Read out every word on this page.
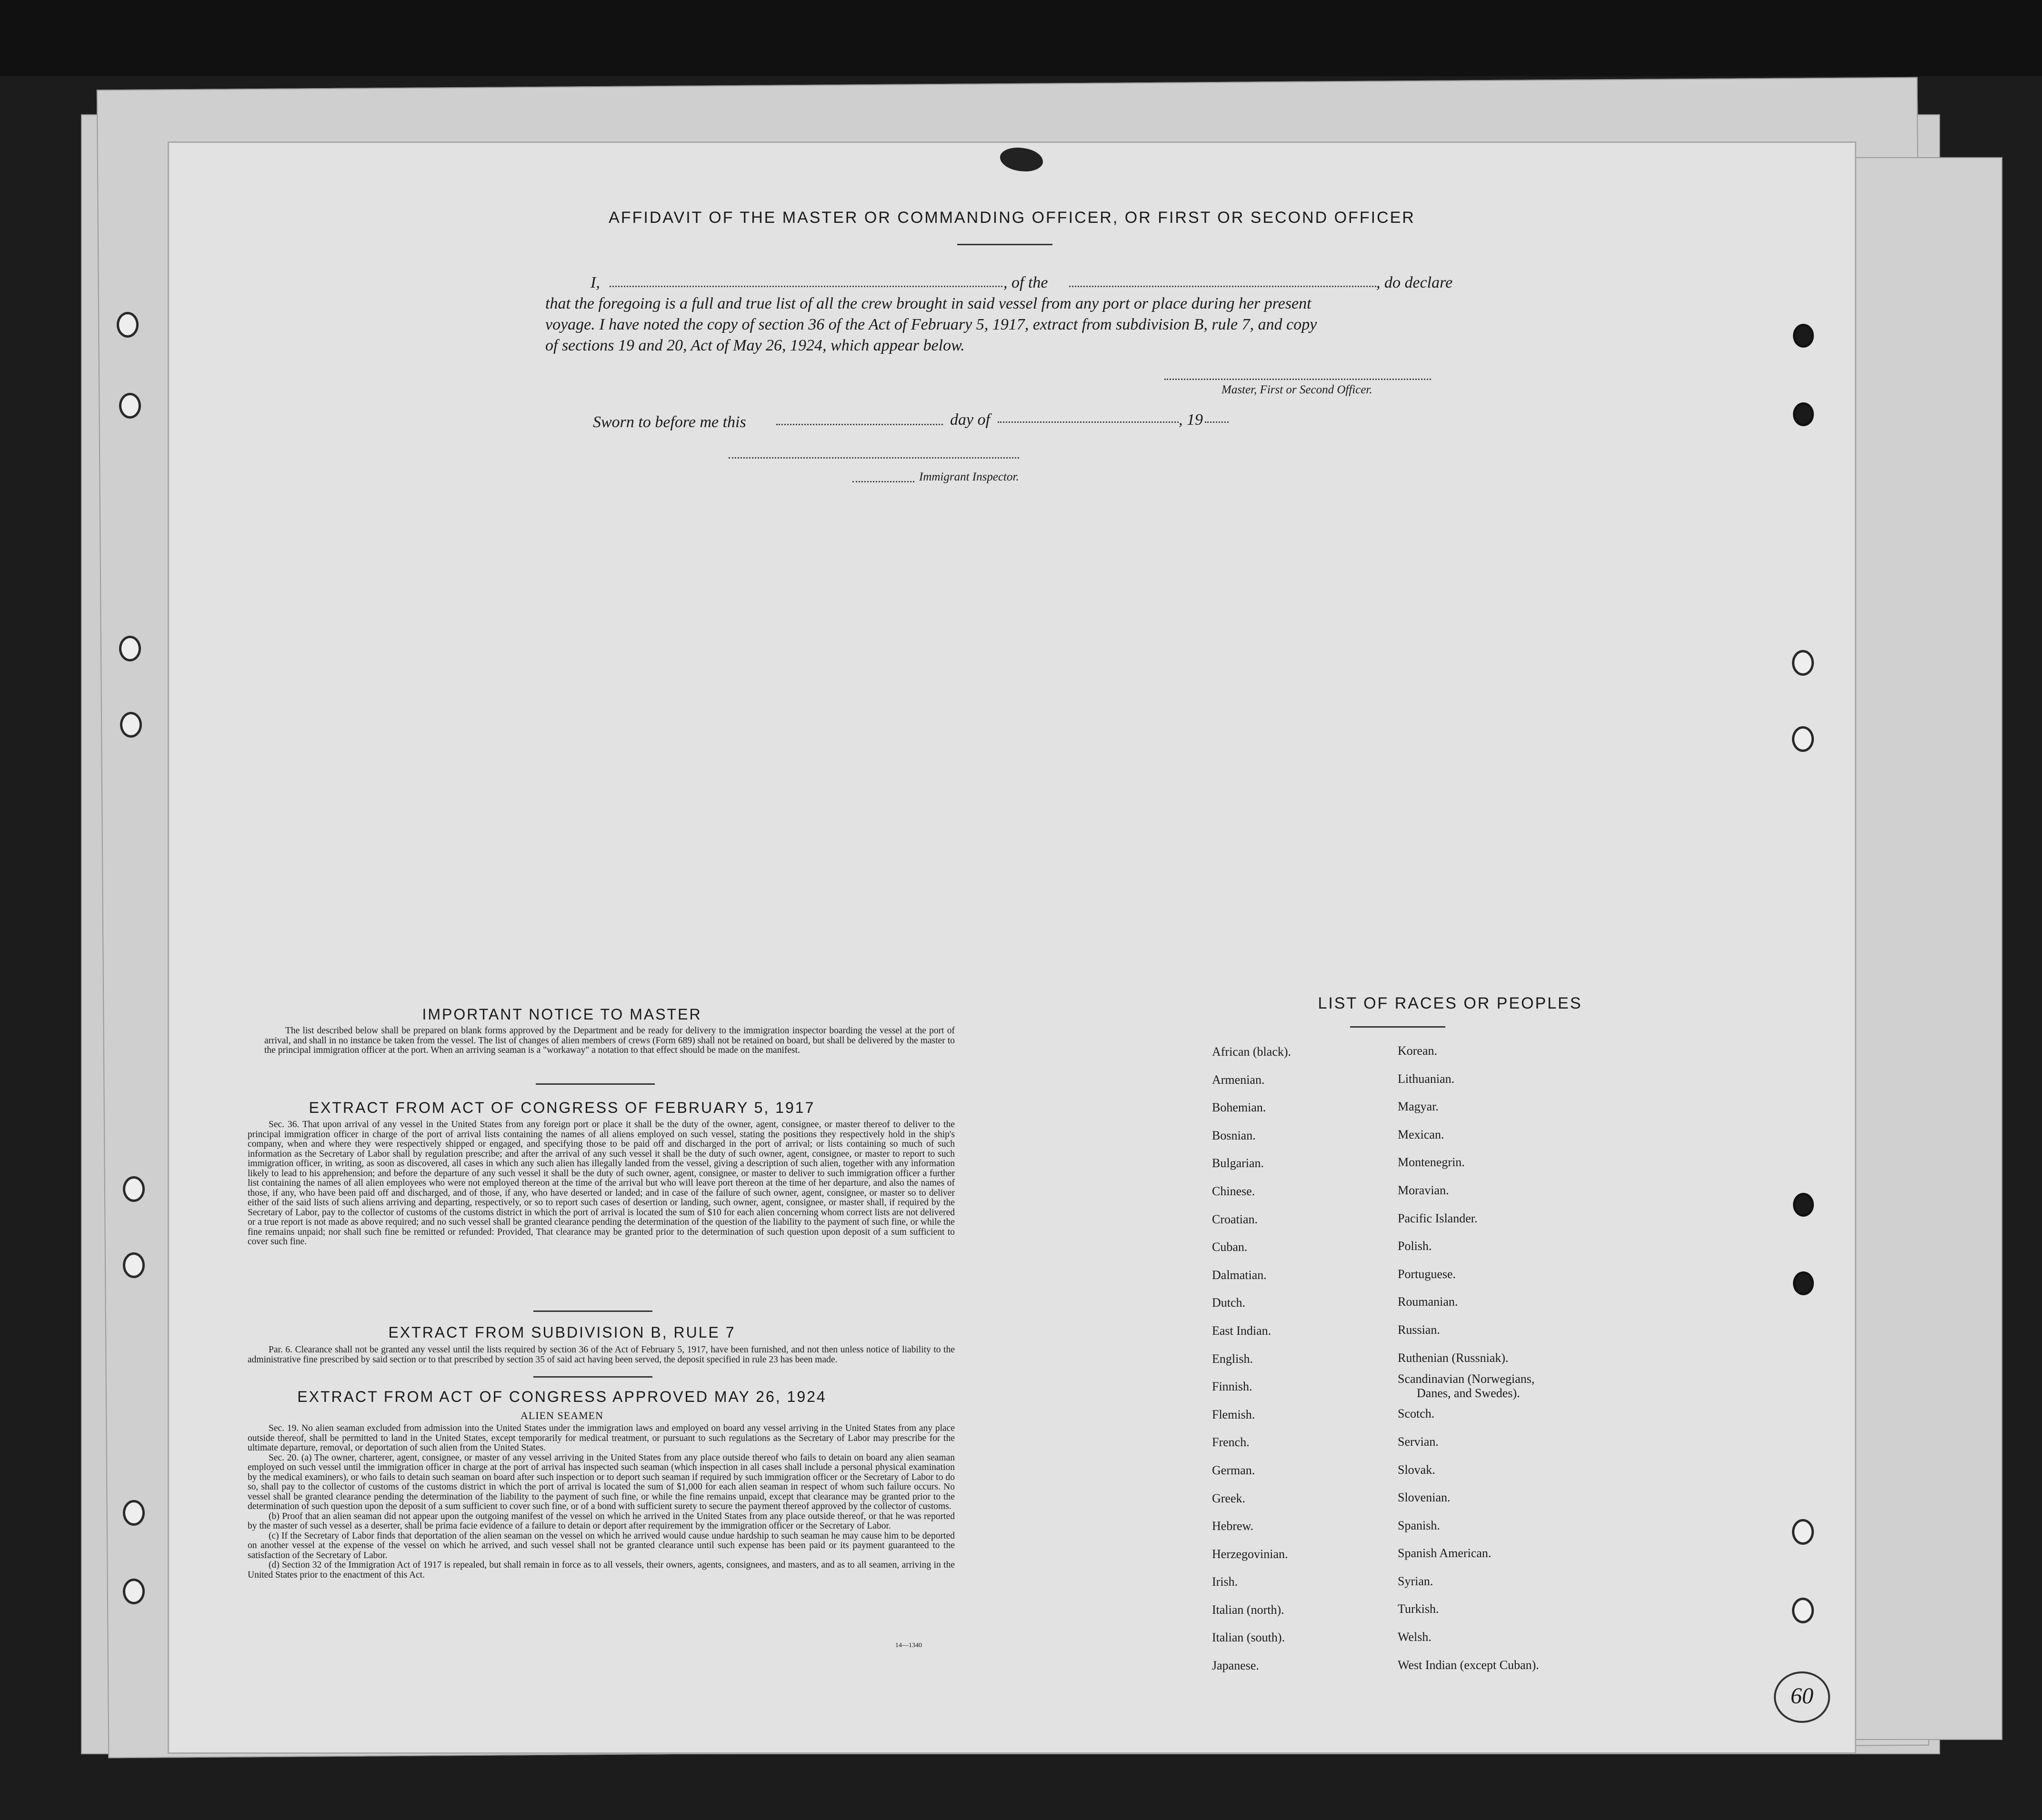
AFFIDAVIT OF THE MASTER OR COMMANDING OFFICER, OR FIRST OR SECOND OFFICER
I,	, of the	, do declare
that the foregoing is a full and true list of all the crew brought in said vessel from any port or place during her present
voyage. I have noted the copy of section 36 of the Act of February 5, 1917, extract from subdivision B, rule 7, and copy
of sections 19 and 20, Act of May 26, 1924, which appear below.
Master, First or Second Officer.
Sworn to before me this	day of	, 19
Immigrant Inspector.
IMPORTANT NOTICE TO MASTER

The list described below shall be prepared on blank forms approved by the Department and be ready for delivery to the immigration inspector boarding the vessel at the port of arrival, and shall in no instance be taken from the vessel. The list of changes of alien members of crews (Form 689) shall not be retained on board, but shall be delivered by the master to the principal immigration officer at the port. When an arriving seaman is a "workaway" a notation to that effect should be made on the manifest.

EXTRACT FROM ACT OF CONGRESS OF FEBRUARY 5, 1917

Sec. 36. That upon arrival of any vessel in the United States from any foreign port or place it shall be the duty of the owner, agent, consignee, or master thereof to deliver to the principal immigration officer in charge of the port of arrival lists containing the names of all aliens employed on such vessel, stating the positions they respectively hold in the ship's company, when and where they were respectively shipped or engaged, and specifying those to be paid off and discharged in the port of arrival; or lists containing so much of such information as the Secretary of Labor shall by regulation prescribe; and after the arrival of any such vessel it shall be the duty of such owner, agent, consignee, or master to report to such immigration officer, in writing, as soon as discovered, all cases in which any such alien has illegally landed from the vessel, giving a description of such alien, together with any information likely to lead to his apprehension; and before the departure of any such vessel it shall be the duty of such owner, agent, consignee, or master to deliver to such immigration officer a further list containing the names of all alien employees who were not employed thereon at the time of the arrival but who will leave port thereon at the time of her departure, and also the names of those, if any, who have been paid off and discharged, and of those, if any, who have deserted or landed; and in case of the failure of such owner, agent, consignee, or master so to deliver either of the said lists of such aliens arriving and departing, respectively, or so to report such cases of desertion or landing, such owner, agent, consignee, or master shall, if required by the Secretary of Labor, pay to the collector of customs of the customs district in which the port of arrival is located the sum of $10 for each alien concerning whom correct lists are not delivered or a true report is not made as above required; and no such vessel shall be granted clearance pending the determination of the question of the liability to the payment of such fine, or while the fine remains unpaid; nor shall such fine be remitted or refunded: Provided, That clearance may be granted prior to the determination of such question upon deposit of a sum sufficient to cover such fine.

EXTRACT FROM SUBDIVISION B, RULE 7

Par. 6. Clearance shall not be granted any vessel until the lists required by section 36 of the Act of February 5, 1917, have been furnished, and not then unless notice of liability to the administrative fine prescribed by said section or to that prescribed by section 35 of said act having been served, the deposit specified in rule 23 has been made.

EXTRACT FROM ACT OF CONGRESS APPROVED MAY 26, 1924
ALIEN SEAMEN

Sec. 19. No alien seaman excluded from admission into the United States under the immigration laws and employed on board any vessel arriving in the United States from any place outside thereof, shall be permitted to land in the United States, except temporarily for medical treatment, or pursuant to such regulations as the Secretary of Labor may prescribe for the ultimate departure, removal, or deportation of such alien from the United States.

Sec. 20. (a) The owner, charterer, agent, consignee, or master of any vessel arriving in the United States from any place outside thereof who fails to detain on board any alien seaman employed on such vessel until the immigration officer in charge at the port of arrival has inspected such seaman (which inspection in all cases shall include a personal physical examination by the medical examiners), or who fails to detain such seaman on board after such inspection or to deport such seaman if required by such immigration officer or the Secretary of Labor to do so, shall pay to the collector of customs of the customs district in which the port of arrival is located the sum of $1,000 for each alien seaman in respect of whom such failure occurs. No vessel shall be granted clearance pending the determination of the liability to the payment of such fine, or while the fine remains unpaid, except that clearance may be granted prior to the determination of such question upon the deposit of a sum sufficient to cover such fine, or of a bond with sufficient surety to secure the payment thereof approved by the collector of customs.

(b) Proof that an alien seaman did not appear upon the outgoing manifest of the vessel on which he arrived in the United States from any place outside thereof, or that he was reported by the master of such vessel as a deserter, shall be prima facie evidence of a failure to detain or deport after requirement by the immigration officer or the Secretary of Labor.

(c) If the Secretary of Labor finds that deportation of the alien seaman on the vessel on which he arrived would cause undue hardship to such seaman he may cause him to be deported on another vessel at the expense of the vessel on which he arrived, and such vessel shall not be granted clearance until such expense has been paid or its payment guaranteed to the satisfaction of the Secretary of Labor.

(d) Section 32 of the Immigration Act of 1917 is repealed, but shall remain in force as to all vessels, their owners, agents, consignees, and masters, and as to all seamen, arriving in the United States prior to the enactment of this Act.

14—1340
LIST OF RACES OR PEOPLES
African (black).
Armenian.
Bohemian.
Bosnian.
Bulgarian.
Chinese.
Croatian.
Cuban.
Dalmatian.
Dutch.
East Indian.
English.
Finnish.
Flemish.
French.
German.
Greek.
Hebrew.
Herzegovinian.
Irish.
Italian (north).
Italian (south).
Japanese.
Korean.
Lithuanian.
Magyar.
Mexican.
Montenegrin.
Moravian.
Pacific Islander.
Polish.
Portuguese.
Roumanian.
Russian.
Ruthenian (Russniak).
Scandinavian (Norwegians,
Danes, and Swedes).
Scotch.
Servian.
Slovak.
Slovenian.
Spanish.
Spanish American.
Syrian.
Turkish.
Welsh.
West Indian (except Cuban).
60
